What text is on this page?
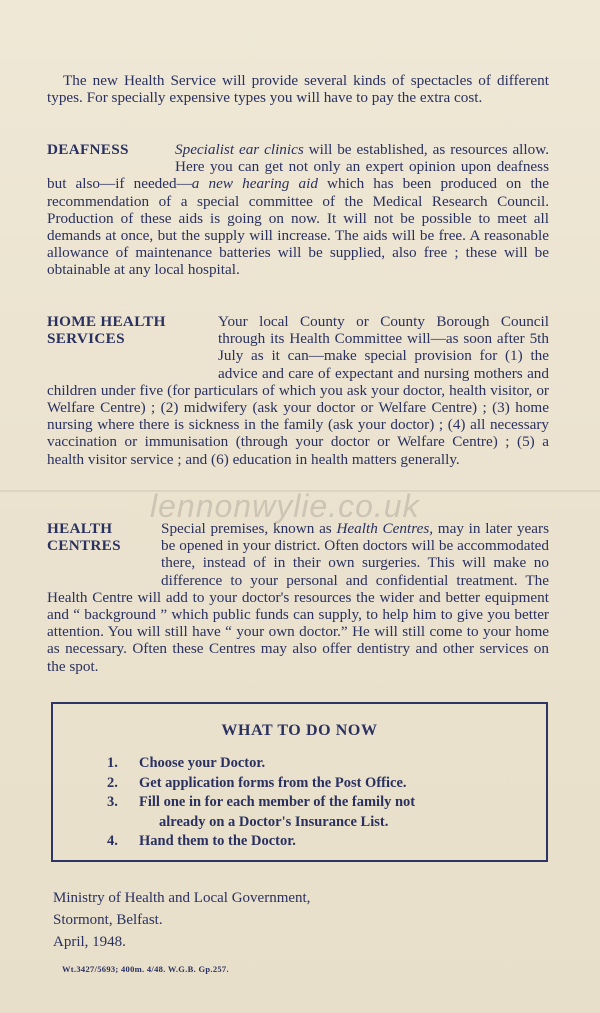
The new Health Service will provide several kinds of spectacles of different types. For specially expensive types you will have to pay the extra cost.

DEAFNESS	Specialist ear clinics will be established, as resources allow. Here you can get not only an expert opinion upon deafness but also—if needed—a new hearing aid which has been produced on the recommendation of a special committee of the Medical Research Council. Production of these aids is going on now. It will not be possible to meet all demands at once, but the supply will increase. The aids will be free. A reasonable allowance of maintenance batteries will be supplied, also free ; these will be obtainable at any local hospital.

HOME HEALTH
SERVICES

Your local County or County Borough Council through its Health Committee will—as soon after 5th July as it can—make special provision for (1) the advice and care of expectant and nursing mothers and children under five (for particulars of which you ask your doctor, health visitor, or Welfare Centre) ; (2) midwifery (ask your doctor or Welfare Centre) ; (3) home nursing where there is sickness in the family (ask your doctor) ; (4) all necessary vaccination or immunisation (through your doctor or Welfare Centre) ; (5) a health visitor service ; and (6) education in health matters generally.

lennonwylie.co.uk
HEALTH
CENTRES

Special premises, known as Health Centres, may in later years be opened in your district. Often doctors will be accommodated there, instead of in their own surgeries. This will make no difference to your personal and confidential treatment. The Health Centre will add to your doctor's resources the wider and better equipment and “ background ” which public funds can supply, to help him to give you better attention. You will still have “ your own doctor.” He will still come to your home as necessary. Often these Centres may also offer dentistry and other services on the spot.

WHAT TO DO NOW
1. Choose your Doctor.
2. Get application forms from the Post Office.
3. Fill one in for each member of the family not
already on a Doctor's Insurance List.
4. Hand them to the Doctor.
Ministry of Health and Local Government,
Stormont, Belfast.
April, 1948.
Wt.3427/5693; 400m. 4/48. W.G.B. Gp.257.
